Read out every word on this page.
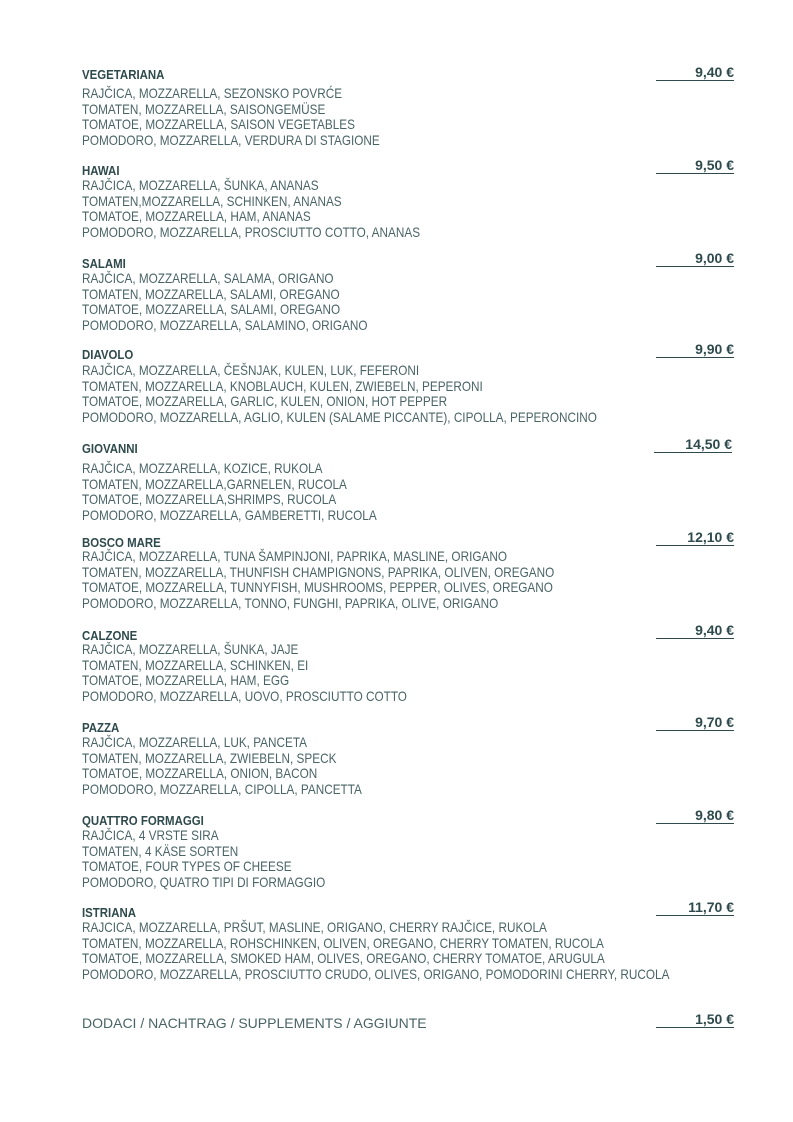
VEGETARIANA	9,40 €
RAJČICA, MOZZARELLA, SEZONSKO POVRĆE
TOMATEN, MOZZARELLA, SAISONGEMÜSE
TOMATOE, MOZZARELLA, SAISON VEGETABLES
POMODORO, MOZZARELLA, VERDURA DI STAGIONE
HAWAI	9,50 €
RAJČICA, MOZZARELLA, ŠUNKA, ANANAS
TOMATEN,MOZZARELLA, SCHINKEN, ANANAS
TOMATOE, MOZZARELLA, HAM, ANANAS
POMODORO, MOZZARELLA, PROSCIUTTO COTTO, ANANAS
SALAMI	9,00 €
RAJČICA, MOZZARELLA, SALAMA, ORIGANO
TOMATEN, MOZZARELLA, SALAMI, OREGANO
TOMATOE, MOZZARELLA, SALAMI, OREGANO
POMODORO, MOZZARELLA, SALAMINO, ORIGANO
DIAVOLO	9,90 €
RAJČICA, MOZZARELLA, ČEŠNJAK, KULEN, LUK, FEFERONI
TOMATEN, MOZZARELLA, KNOBLAUCH, KULEN, ZWIEBELN, PEPERONI
TOMATOE, MOZZARELLA, GARLIC, KULEN, ONION, HOT PEPPER
POMODORO, MOZZARELLA, AGLIO, KULEN (SALAME PICCANTE), CIPOLLA, PEPERONCINO
GIOVANNI	14,50 €
RAJČICA, MOZZARELLA, KOZICE, RUKOLA
TOMATEN, MOZZARELLA,GARNELEN, RUCOLA
TOMATOE, MOZZARELLA,SHRIMPS, RUCOLA
POMODORO, MOZZARELLA, GAMBERETTI, RUCOLA
BOSCO MARE	12,10 €
RAJČICA, MOZZARELLA, TUNA ŠAMPINJONI, PAPRIKA, MASLINE, ORIGANO
TOMATEN, MOZZARELLA, THUNFISH CHAMPIGNONS, PAPRIKA, OLIVEN, OREGANO
TOMATOE, MOZZARELLA, TUNNYFISH, MUSHROOMS, PEPPER, OLIVES, OREGANO
POMODORO, MOZZARELLA, TONNO, FUNGHI, PAPRIKA, OLIVE, ORIGANO
CALZONE	9,40 €
RAJČICA, MOZZARELLA, ŠUNKA, JAJE
TOMATEN, MOZZARELLA, SCHINKEN, EI
TOMATOE, MOZZARELLA, HAM, EGG
POMODORO, MOZZARELLA, UOVO, PROSCIUTTO COTTO
PAZZA	9,70 €
RAJČICA, MOZZARELLA, LUK, PANCETA
TOMATEN, MOZZARELLA, ZWIEBELN, SPECK
TOMATOE, MOZZARELLA, ONION, BACON
POMODORO, MOZZARELLA, CIPOLLA, PANCETTA
QUATTRO FORMAGGI	9,80 €
RAJČICA, 4 VRSTE SIRA
TOMATEN, 4 KÄSE SORTEN
TOMATOE, FOUR TYPES OF CHEESE
POMODORO, QUATRO TIPI DI FORMAGGIO
ISTRIANA	11,70 €
RAJCICA, MOZZARELLA, PRŠUT, MASLINE, ORIGANO, CHERRY RAJČICE, RUKOLA
TOMATEN, MOZZARELLA, ROHSCHINKEN, OLIVEN, OREGANO, CHERRY TOMATEN, RUCOLA
TOMATOE, MOZZARELLA, SMOKED HAM, OLIVES, OREGANO, CHERRY TOMATOE, ARUGULA
POMODORO, MOZZARELLA, PROSCIUTTO CRUDO, OLIVES, ORIGANO, POMODORINI CHERRY, RUCOLA
DODACI / NACHTRAG / SUPPLEMENTS / AGGIUNTE	1,50 €
